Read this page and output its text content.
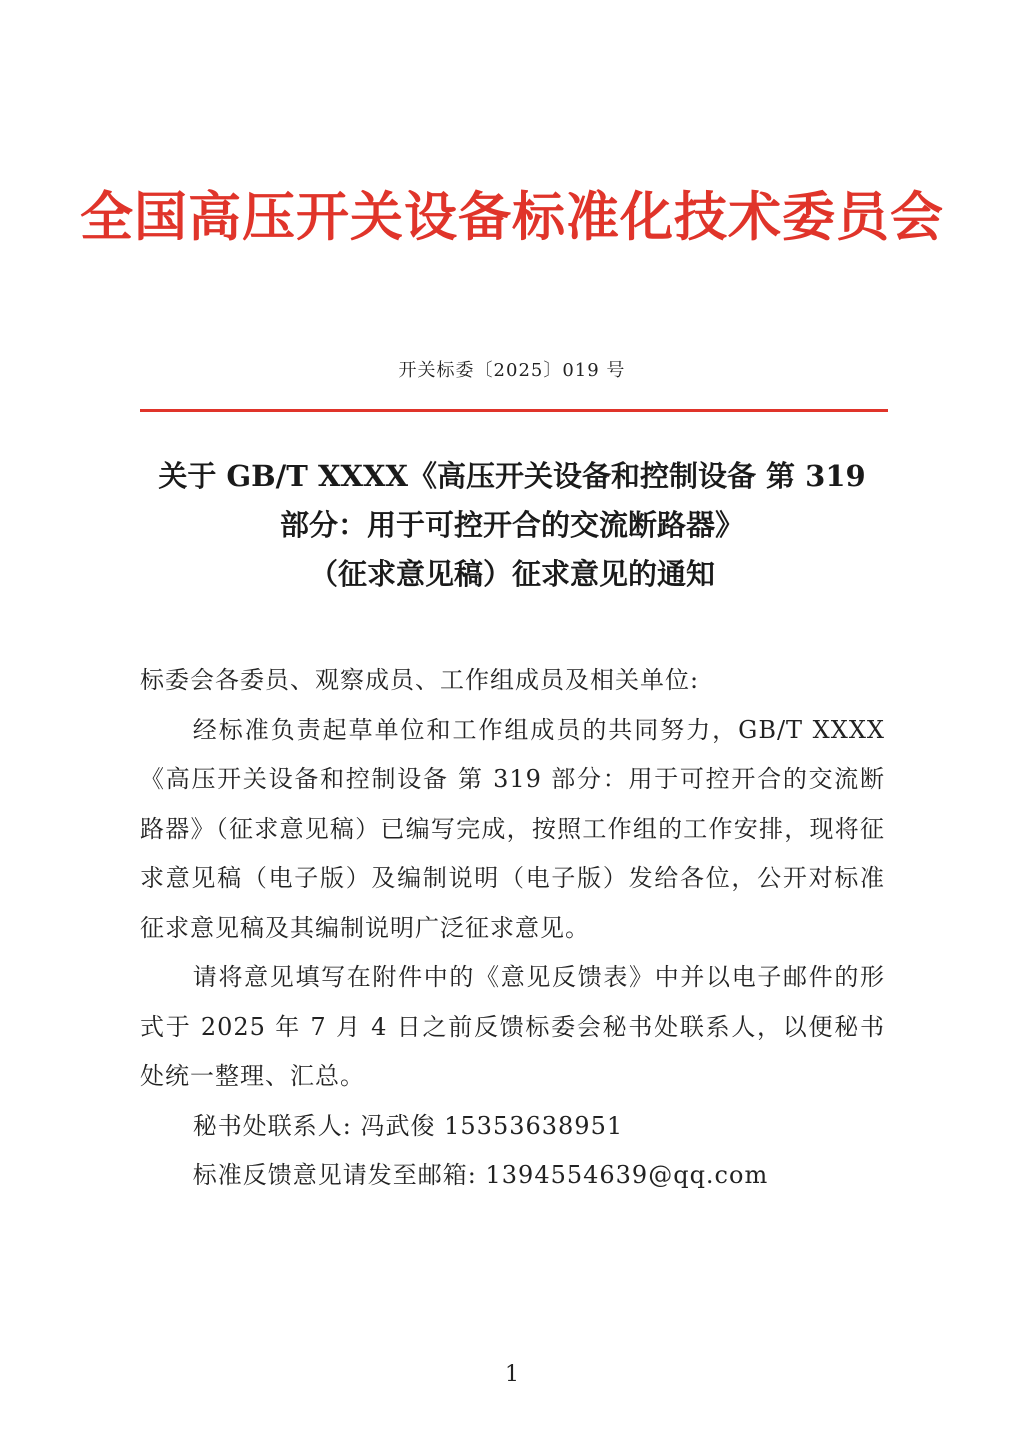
全国高压开关设备标准化技术委员会
开关标委〔2025〕019 号
关于 GB/T XXXX《高压开关设备和控制设备 第 319
部分：用于可控开合的交流断路器》
（征求意见稿）征求意见的通知

标委会各委员、观察成员、工作组成员及相关单位:

经标准负责起草单位和工作组成员的共同努力，GB/T XXXX《高压开关设备和控制设备 第 319 部分：用于可控开合的交流断路器》（征求意见稿）已编写完成，按照工作组的工作安排，现将征求意见稿（电子版）及编制说明（电子版）发给各位，公开对标准征求意见稿及其编制说明广泛征求意见。

请将意见填写在附件中的《意见反馈表》中并以电子邮件的形式于 2025 年 7 月 4 日之前反馈标委会秘书处联系人，以便秘书处统一整理、汇总。

秘书处联系人: 冯武俊 15353638951

标准反馈意见请发至邮箱: 1394554639@qq.com

1
